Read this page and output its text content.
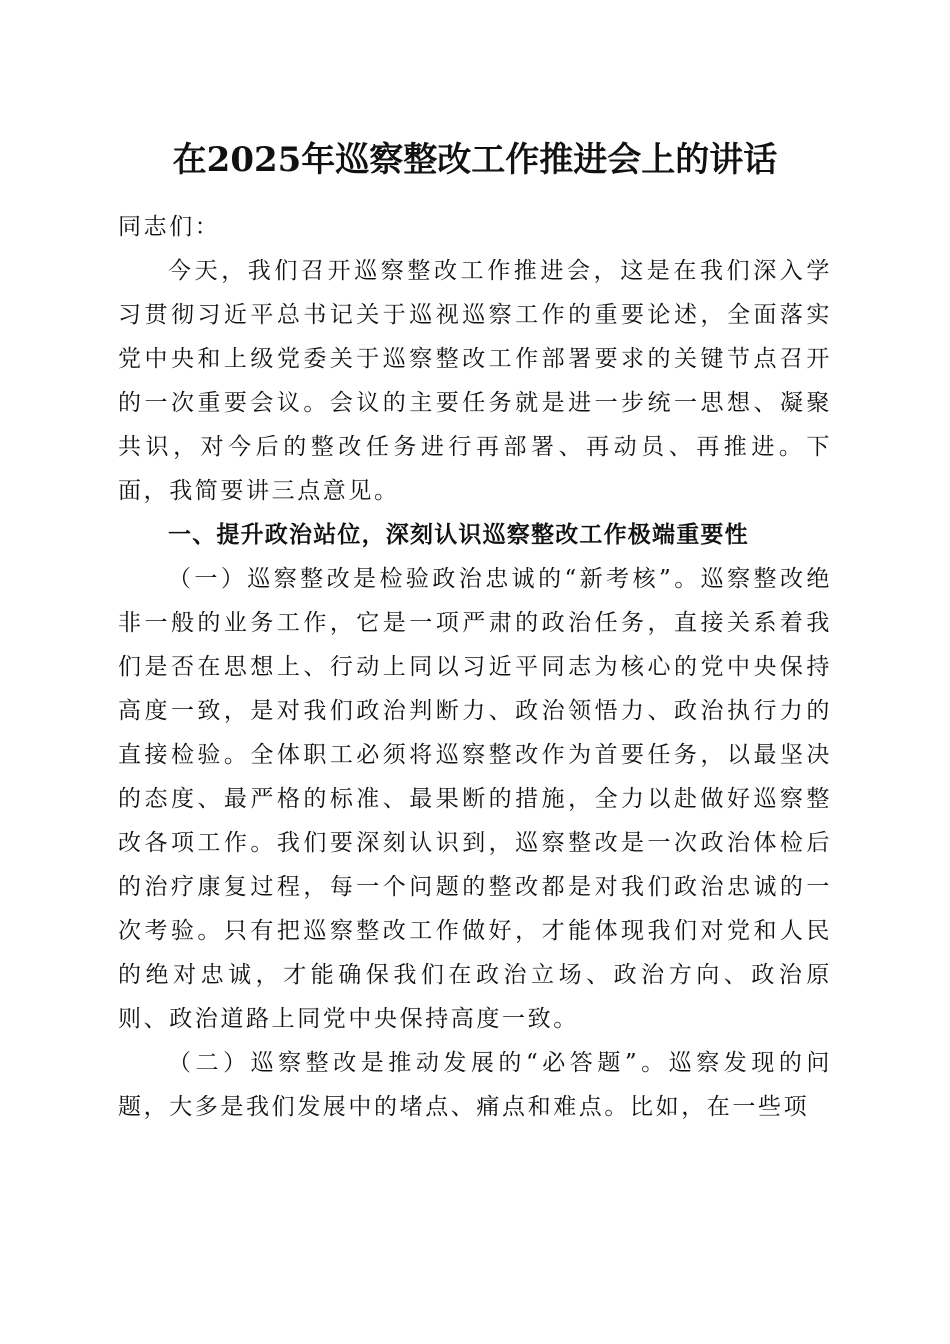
在2025年巡察整改工作推进会上的讲话

同志们：

今天，我们召开巡察整改工作推进会，这是在我们深入学习贯彻习近平总书记关于巡视巡察工作的重要论述，全面落实党中央和上级党委关于巡察整改工作部署要求的关键节点召开的一次重要会议。会议的主要任务就是进一步统一思想、凝聚共识，对今后的整改任务进行再部署、再动员、再推进。下面，我简要讲三点意见。

一、提升政治站位，深刻认识巡察整改工作极端重要性

（一）巡察整改是检验政治忠诚的“新考核”。巡察整改绝非一般的业务工作，它是一项严肃的政治任务，直接关系着我们是否在思想上、行动上同以习近平同志为核心的党中央保持高度一致，是对我们政治判断力、政治领悟力、政治执行力的直接检验。全体职工必须将巡察整改作为首要任务，以最坚决的态度、最严格的标准、最果断的措施，全力以赴做好巡察整改各项工作。我们要深刻认识到，巡察整改是一次政治体检后的治疗康复过程，每一个问题的整改都是对我们政治忠诚的一次考验。只有把巡察整改工作做好，才能体现我们对党和人民的绝对忠诚，才能确保我们在政治立场、政治方向、政治原则、政治道路上同党中央保持高度一致。

（二）巡察整改是推动发展的“必答题”。巡察发现的问题，大多是我们发展中的堵点、痛点和难点。比如，在一些项
